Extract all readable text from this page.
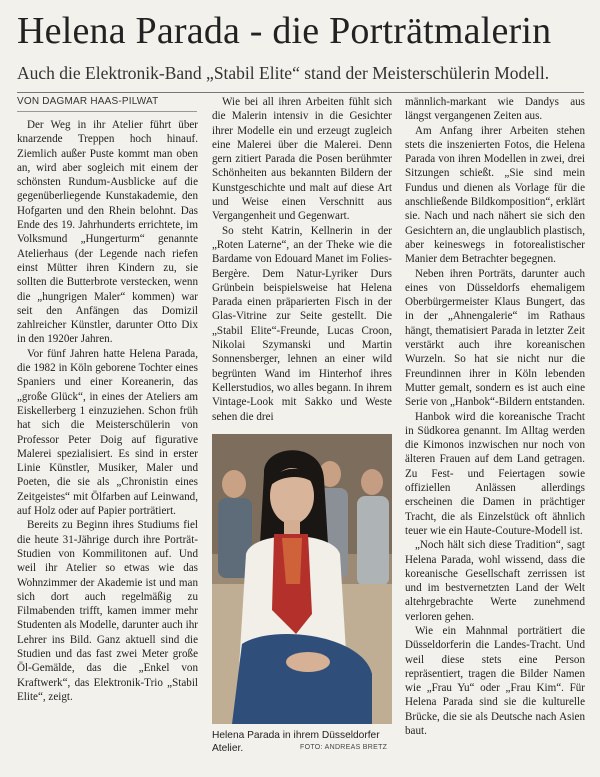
Helena Parada - die Porträtmalerin
Auch die Elektronik-Band „Stabil Elite“ stand der Meisterschülerin Modell.
VON DAGMAR HAAS-PILWAT

Der Weg in ihr Atelier führt über knarzende Treppen hoch hinauf. Ziemlich außer Puste kommt man oben an, wird aber sogleich mit einem der schönsten Rundum-Ausblicke auf die gegenüberliegende Kunstakademie, den Hofgarten und den Rhein belohnt. Das Ende des 19. Jahrhunderts errichtete, im Volksmund „Hungerturm“ genannte Atelierhaus (der Legende nach riefen einst Mütter ihren Kindern zu, sie sollten die Butterbrote verstecken, wenn die „hungrigen Maler“ kommen) war seit den Anfängen das Domizil zahlreicher Künstler, darunter Otto Dix in den 1920er Jahren.

Vor fünf Jahren hatte Helena Parada, die 1982 in Köln geborene Tochter eines Spaniers und einer Koreanerin, das „große Glück“, in eines der Ateliers am Eiskellerberg 1 einzuziehen. Schon früh hat sich die Meisterschülerin von Professor Peter Doig auf figurative Malerei spezialisiert. Es sind in erster Linie Künstler, Musiker, Maler und Poeten, die sie als „Chronistin eines Zeitgeistes“ mit Ölfarben auf Leinwand, auf Holz oder auf Papier porträtiert.

Bereits zu Beginn ihres Studiums fiel die heute 31-Jährige durch ihre Porträt-Studien von Kommilitonen auf. Und weil ihr Atelier so etwas wie das Wohnzimmer der Akademie ist und man sich dort auch regelmäßig zu Filmabenden trifft, kamen immer mehr Studenten als Modelle, darunter auch ihr Lehrer ins Bild. Ganz aktuell sind die Studien und das fast zwei Meter große Öl-Gemälde, das die „Enkel von Kraftwerk“, das Elektronik-Trio „Stabil Elite“, zeigt.

Wie bei all ihren Arbeiten fühlt sich die Malerin intensiv in die Gesichter ihrer Modelle ein und erzeugt zugleich eine Malerei über die Malerei. Denn gern zitiert Parada die Posen berühmter Schönheiten aus bekannten Bildern der Kunstgeschichte und malt auf diese Art und Weise einen Verschnitt aus Vergangenheit und Gegenwart.

So steht Katrin, Kellnerin in der „Roten Laterne“, an der Theke wie die Bardame von Edouard Manet im Folies-Bergère. Dem Natur-Lyriker Durs Grünbein beispielsweise hat Helena Parada einen präparierten Fisch in der Glas-Vitrine zur Seite gestellt. Die „Stabil Elite“-Freunde, Lucas Croon, Nikolai Szymanski und Martin Sonnensberger, lehnen an einer wild begrünten Wand im Hinterhof ihres Kellerstudios, wo alles begann. In ihrem Vintage-Look mit Sakko und Weste sehen die drei

Helena Parada in ihrem Düsseldorfer Atelier.	FOTO: ANDREAS BRETZ

männlich-markant wie Dandys aus längst vergangenen Zeiten aus.

Am Anfang ihrer Arbeiten stehen stets die inszenierten Fotos, die Helena Parada von ihren Modellen in zwei, drei Sitzungen schießt. „Sie sind mein Fundus und dienen als Vorlage für die anschließende Bildkomposition“, erklärt sie. Nach und nach nähert sie sich den Gesichtern an, die unglaublich plastisch, aber keineswegs in fotorealistischer Manier dem Betrachter begegnen.

Neben ihren Porträts, darunter auch eines von Düsseldorfs ehemaligem Oberbürgermeister Klaus Bungert, das in der „Ahnengalerie“ im Rathaus hängt, thematisiert Parada in letzter Zeit verstärkt auch ihre koreanischen Wurzeln. So hat sie nicht nur die Freundinnen ihrer in Köln lebenden Mutter gemalt, sondern es ist auch eine Serie von „Hanbok“-Bildern entstanden.

Hanbok wird die koreanische Tracht in Südkorea genannt. Im Alltag werden die Kimonos inzwischen nur noch von älteren Frauen auf dem Land getragen. Zu Fest- und Feiertagen sowie offiziellen Anlässen allerdings erscheinen die Damen in prächtiger Tracht, die als Einzelstück oft ähnlich teuer wie ein Haute-Couture-Modell ist.

„Noch hält sich diese Tradition“, sagt Helena Parada, wohl wissend, dass die koreanische Gesellschaft zerrissen ist und im bestvernetzten Land der Welt altehrgebrachte Werte zunehmend verloren gehen.

Wie ein Mahnmal porträtiert die Düsseldorferin die Landes-Tracht. Und weil diese stets eine Person repräsentiert, tragen die Bilder Namen wie „Frau Yu“ oder „Frau Kim“. Für Helena Parada sind sie die kulturelle Brücke, die sie als Deutsche nach Asien baut.
